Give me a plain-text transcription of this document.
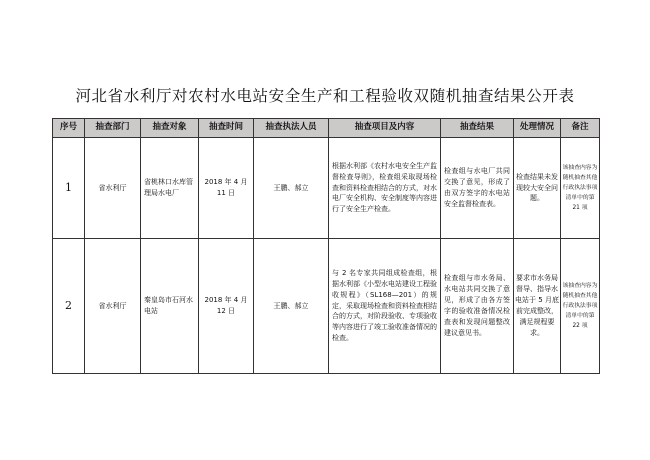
河北省水利厅对农村水电站安全生产和工程验收双随机抽查结果公开表
序号	抽查部门	抽查对象	抽查时间	抽查执法人员	抽查项目及内容	抽查结果	处理情况	备注
1	省水利厅	省桃林口水库管理局水电厂	2018 年 4 月 11 日	王鹏、郝立	根据水利部《农村水电安全生产监督检查导则》，检查组采取现场检查和资料检查相结合的方式，对水电厂安全机构、安全制度等内容进行了安全生产检查。	检查组与水电厂共同交换了意见，形成了由双方签字的水电站安全监督检查表。	检查结果未发现较大安全问题。	该抽查内容为随机抽查其他行政执法事项清单中的第 21 项
2	省水利厅	秦皇岛市石河水电站	2018 年 4 月 12 日	王鹏、郝立	与 2 名专家共同组成检查组，根据水利部《小型水电站建设工程验收规程》（SL168—201）的规定，采取现场检查和资料检查相结合的方式，对阶段验收、专项验收等内容进行了竣工验收准备情况的检查。	检查组与市水务局、水电站共同交换了意见，形成了由各方签字的验收准备情况检查表和发现问题整改建议意见书。	要求市水务局督导、指导水电站于 5 月底前完成整改，满足规程要求。	该抽查内容为随机抽查其他行政执法事项清单中的第 22 项
